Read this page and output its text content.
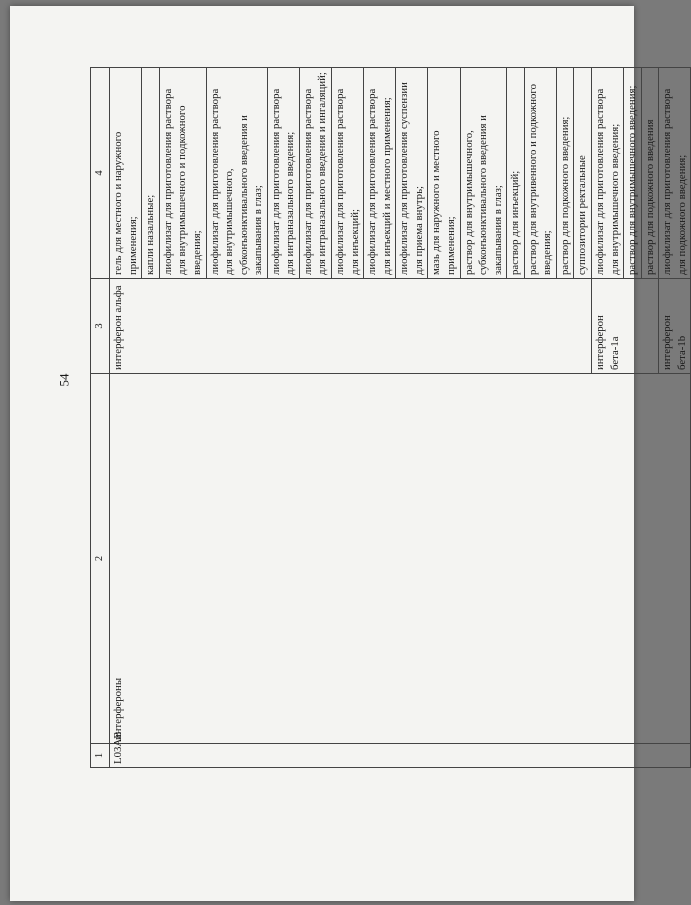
54
1	2	3	4
L03AB	интерфероны	интерферон альфа	гель для местного и наружного применения;
			капли назальные;
			лиофилизат для приготовления раствора для внутримышечного и подкожного введения;
			лиофилизат для приготовления раствора для внутримышечного, субконъюнктивального введения и закапывания в глаз;
			лиофилизат для приготовления раствора для интраназального введения;
			лиофилизат для приготовления раствора для интраназального введения и ингаляций;
			лиофилизат для приготовления раствора для инъекций;
			лиофилизат для приготовления раствора для инъекций и местного применения;
			лиофилизат для приготовления суспензии для приема внутрь;
			мазь для наружного и местного применения;
			раствор для внутримышечного, субконъюнктивального введения и закапывания в глаз;
			раствор для инъекций;
			раствор для внутривенного и подкожного введения;
			раствор для подкожного введения;
			суппозитории ректальные
		интерферон бета-1a	лиофилизат для приготовления раствора для внутримышечного введения;
			раствор для внутримышечного введения;
			раствор для подкожного введения
		интерферон бета-1b	лиофилизат для приготовления раствора для подкожного введения;
